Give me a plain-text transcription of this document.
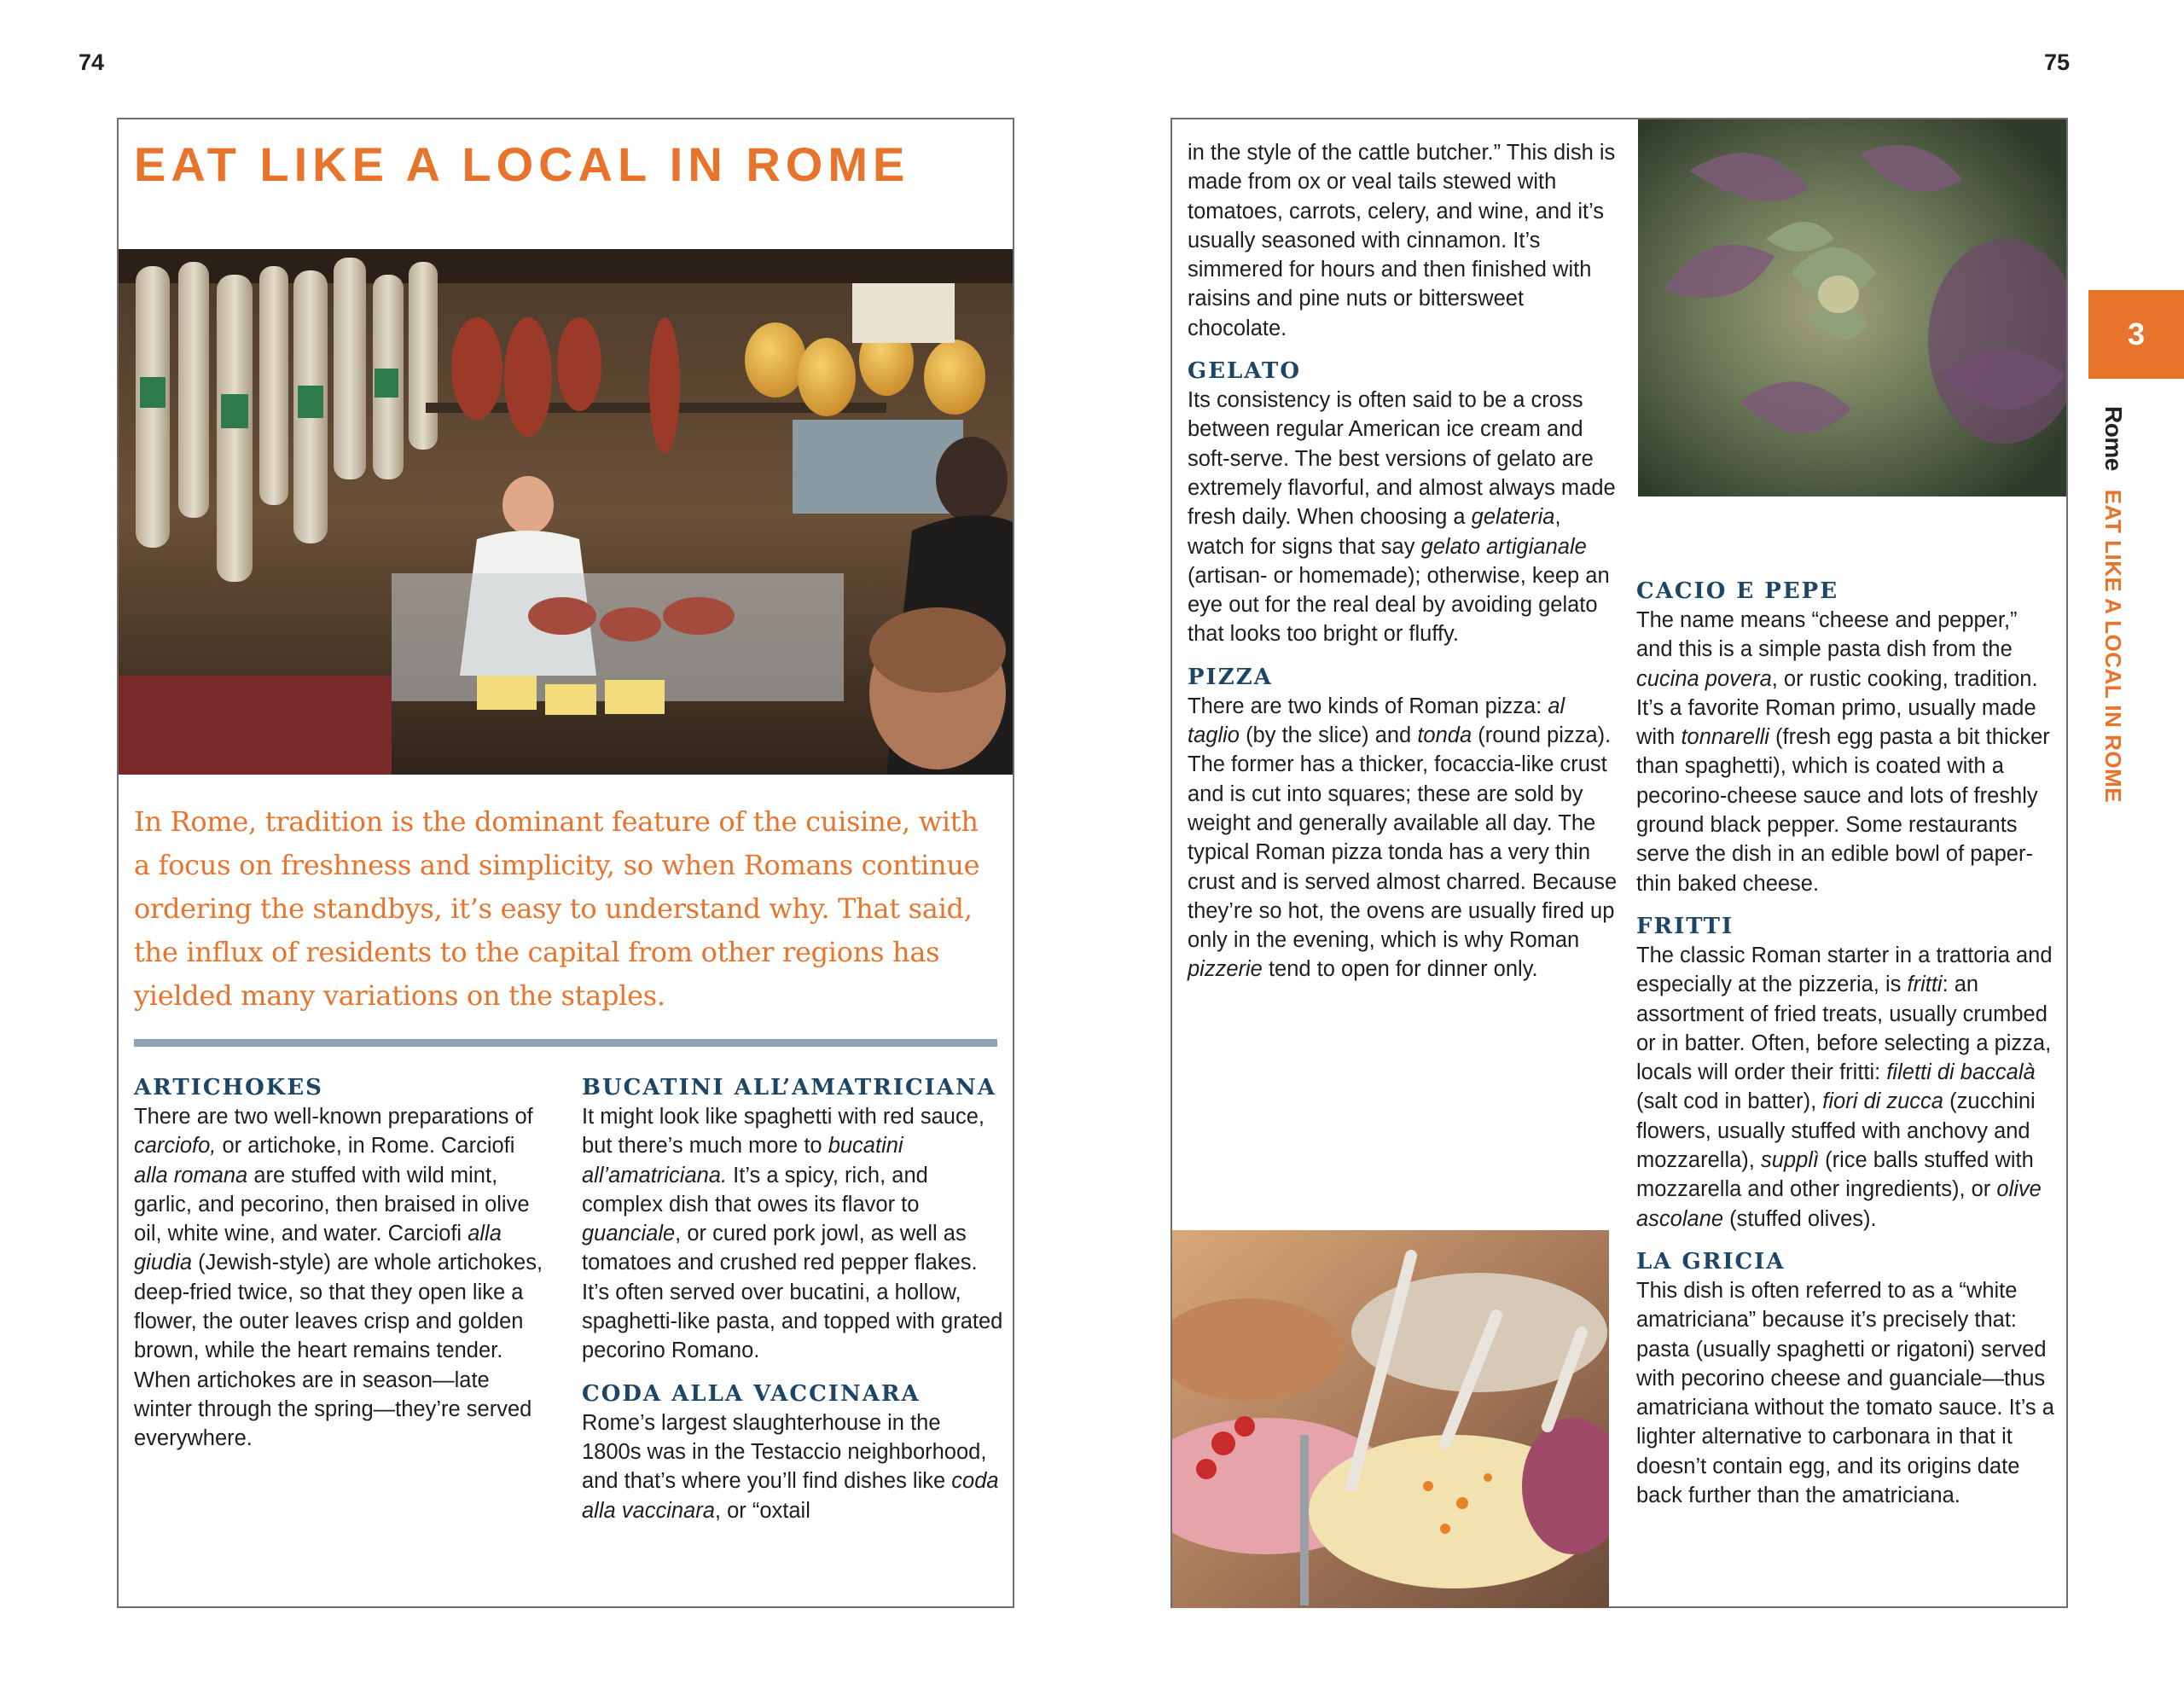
74
EAT LIKE A LOCAL IN ROME
In Rome, tradition is the dominant feature of the cuisine, with a focus on freshness and simplicity, so when Romans continue ordering the standbys, it’s easy to understand why. That said, the influx of residents to the capital from other regions has yielded many variations on the staples.
ARTICHOKES

There are two well-known preparations of carciofo, or artichoke, in Rome. Carciofi alla romana are stuffed with wild mint, garlic, and pecorino, then braised in olive oil, white wine, and water. Carciofi alla giudia (Jewish-style) are whole artichokes, deep-fried twice, so that they open like a flower, the outer leaves crisp and golden brown, while the heart remains tender. When artichokes are in season—late winter through the spring—they’re served everywhere.

BUCATINI ALL’AMATRICIANA

It might look like spaghetti with red sauce, but there’s much more to bucatini all’amatriciana. It’s a spicy, rich, and complex dish that owes its flavor to guanciale, or cured pork jowl, as well as tomatoes and crushed red pepper flakes. It’s often served over bucatini, a hollow, spaghetti-like pasta, and topped with grated pecorino Romano.

CODA ALLA VACCINARA

Rome’s largest slaughterhouse in the 1800s was in the Testaccio neighborhood, and that’s where you’ll find dishes like coda alla vaccinara, or “oxtail

75

in the style of the cattle butcher.” This dish is made from ox or veal tails stewed with tomatoes, carrots, celery, and wine, and it’s usually seasoned with cinnamon. It’s simmered for hours and then finished with raisins and pine nuts or bittersweet chocolate.

GELATO

Its consistency is often said to be a cross between regular American ice cream and soft-serve. The best versions of gelato are extremely flavorful, and almost always made fresh daily. When choosing a gelateria, watch for signs that say gelato artigianale (artisan- or homemade); otherwise, keep an eye out for the real deal by avoiding gelato that looks too bright or fluffy.

PIZZA

There are two kinds of Roman pizza: al taglio (by the slice) and tonda (round pizza). The former has a thicker, focaccia-like crust and is cut into squares; these are sold by weight and generally available all day. The typical Roman pizza tonda has a very thin crust and is served almost charred. Because they’re so hot, the ovens are usually fired up only in the evening, which is why Roman pizzerie tend to open for dinner only.

CACIO E PEPE

The name means “cheese and pepper,” and this is a simple pasta dish from the cucina povera, or rustic cooking, tradition. It’s a favorite Roman primo, usually made with tonnarelli (fresh egg pasta a bit thicker than spaghetti), which is coated with a pecorino-cheese sauce and lots of freshly ground black pepper. Some restaurants serve the dish in an edible bowl of paper-thin baked cheese.

FRITTI

The classic Roman starter in a trattoria and especially at the pizzeria, is fritti: an assortment of fried treats, usually crumbed or in batter. Often, before selecting a pizza, locals will order their fritti: filetti di baccalà (salt cod in batter), fiori di zucca (zucchini flowers, usually stuffed with anchovy and mozzarella), supplì (rice balls stuffed with mozzarella and other ingredients), or olive ascolane (stuffed olives).

LA GRICIA

This dish is often referred to as a “white amatriciana” because it’s precisely that: pasta (usually spaghetti or rigatoni) served with pecorino cheese and guanciale—thus amatriciana without the tomato sauce. It’s a lighter alternative to carbonara in that it doesn’t contain egg, and its origins date back further than the amatriciana.

3
RomeEAT LIKE A LOCAL IN ROME
